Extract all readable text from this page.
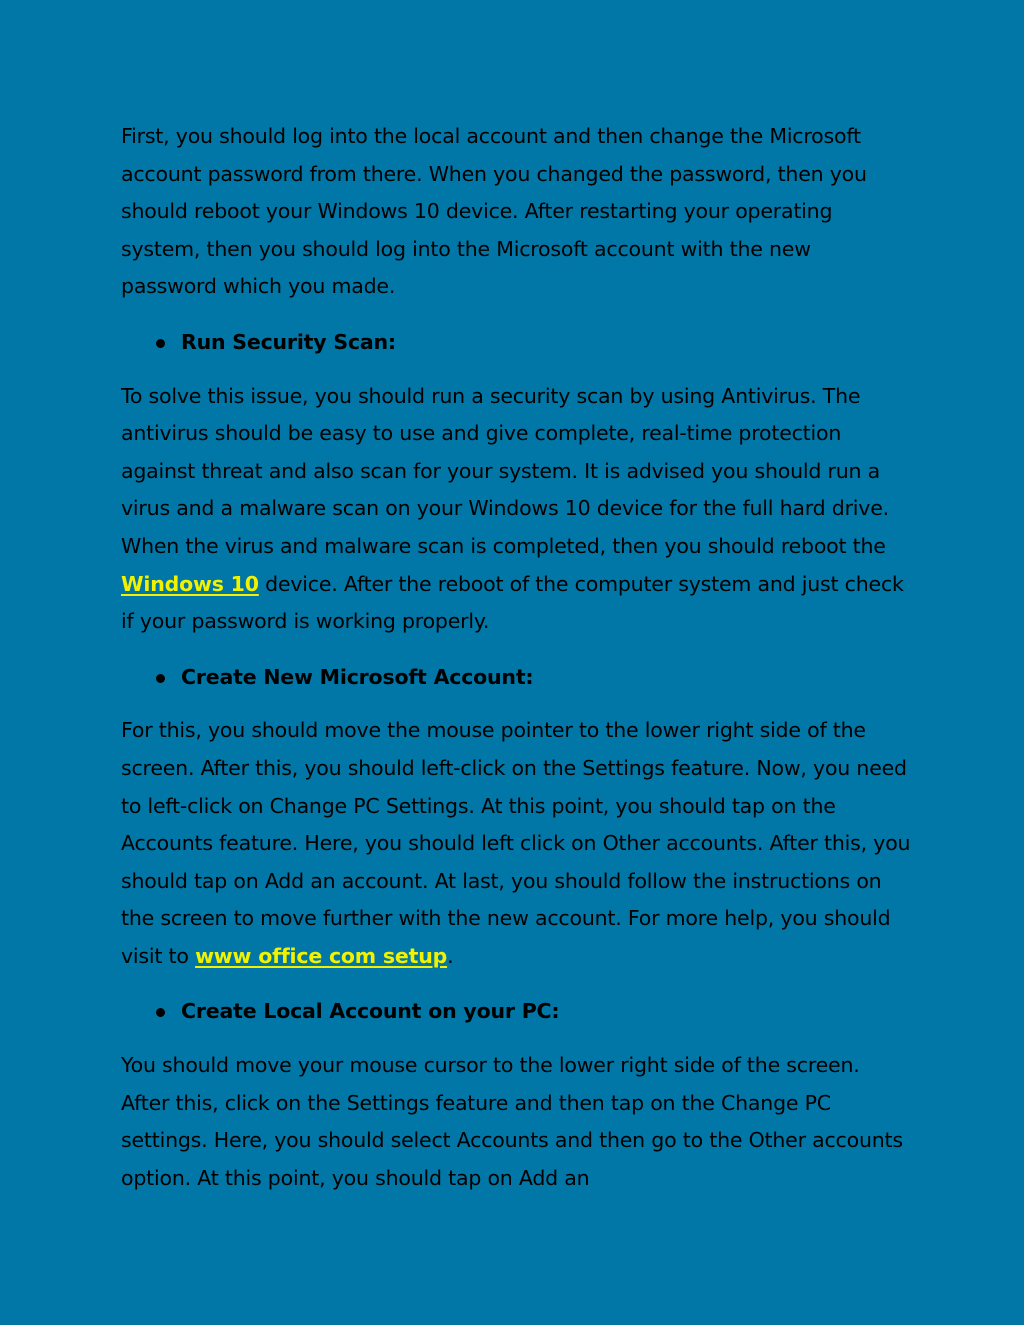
First, you should log into the local account and then change the Microsoft account password from there. When you changed the password, then you should reboot your Windows 10 device. After restarting your operating system, then you should log into the Microsoft account with the new password which you made.

Run Security Scan:

To solve this issue, you should run a security scan by using Antivirus. The antivirus should be easy to use and give complete, real-time protection against threat and also scan for your system. It is advised you should run a virus and a malware scan on your Windows 10 device for the full hard drive. When the virus and malware scan is completed, then you should reboot the Windows 10 device. After the reboot of the computer system and just check if your password is working properly.

Create New Microsoft Account:

For this, you should move the mouse pointer to the lower right side of the screen. After this, you should left-click on the Settings feature. Now, you need to left-click on Change PC Settings. At this point, you should tap on the Accounts feature. Here, you should left click on Other accounts. After this, you should tap on Add an account. At last, you should follow the instructions on the screen to move further with the new account. For more help, you should visit to www office com setup.

Create Local Account on your PC:

You should move your mouse cursor to the lower right side of the screen. After this, click on the Settings feature and then tap on the Change PC settings. Here, you should select Accounts and then go to the Other accounts option. At this point, you should tap on Add an
